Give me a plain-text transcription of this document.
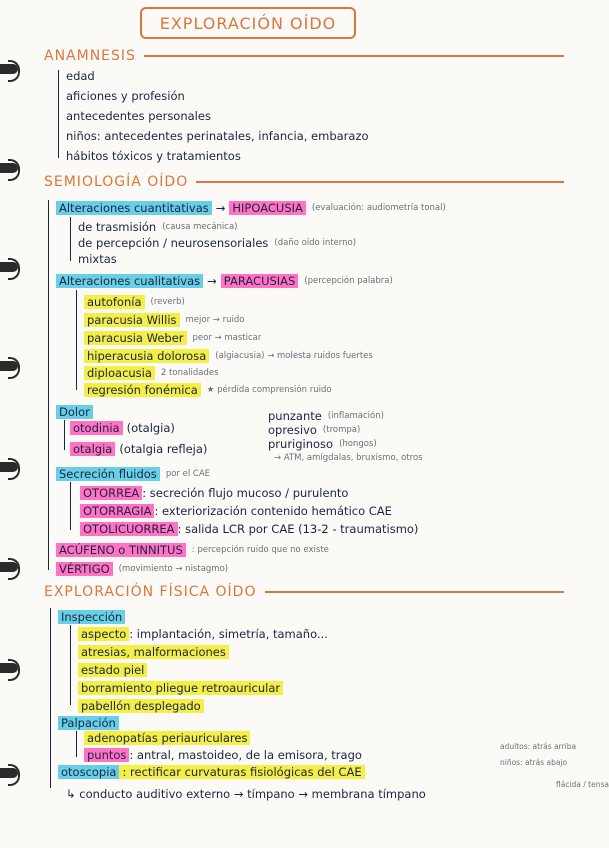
EXPLORACIÓN OÍDO
ANAMNESIS
edad
aficiones y profesión
antecedentes personales
niños: antecedentes perinatales, infancia, embarazo
hábitos tóxicos y tratamientos
SEMIOLOGÍA OÍDO
Alteraciones cuantitativas → HIPOACUSIA	(evaluación: audiometría tonal)
de trasmisión (causa mecánica)
de percepción / neurosensoriales (daño oído interno)
mixtas
Alteraciones cualitativas → PARACUSIAS	(percepción palabra)
autofonía	(reverb)
paracusia Willis	mejor → ruido
paracusia Weber	peor → masticar
hiperacusia dolorosa	(algiacusia) → molesta ruidos fuertes
diploacusia	2 tonalidades
regresión fonémica	★ pérdida comprensión ruido
Dolor
otodinia (otalgia)
otalgia (otalgia refleja)
punzante (inflamación)
opresivo (trompa)
pruriginoso (hongos)
→ ATM, amígdalas, bruxismo, otros
Secreción fluidos	por el CAE
OTORREA : secreción flujo mucoso / purulento
OTORRAGIA : exteriorización contenido hemático CAE
OTOLICUORREA : salida LCR por CAE (13-2 - traumatismo)
ACÚFENO o TINNITUS	: percepción ruido que no existe
VÉRTIGO	(movimiento → nistagmo)
EXPLORACIÓN FÍSICA OÍDO
Inspección
aspecto : implantación, simetría, tamaño...
atresias, malformaciones
estado piel
borramiento pliegue retroauricular
pabellón desplegado
Palpación
adenopatías periauriculares
puntos : antral, mastoideo, de la emisora, trago
adultos: atrás arriba
niños: atrás abajo
otoscopia : rectificar curvaturas fisiológicas del CAE
↳ conducto auditivo externo → tímpano → membrana tímpano
flácida / tensa
